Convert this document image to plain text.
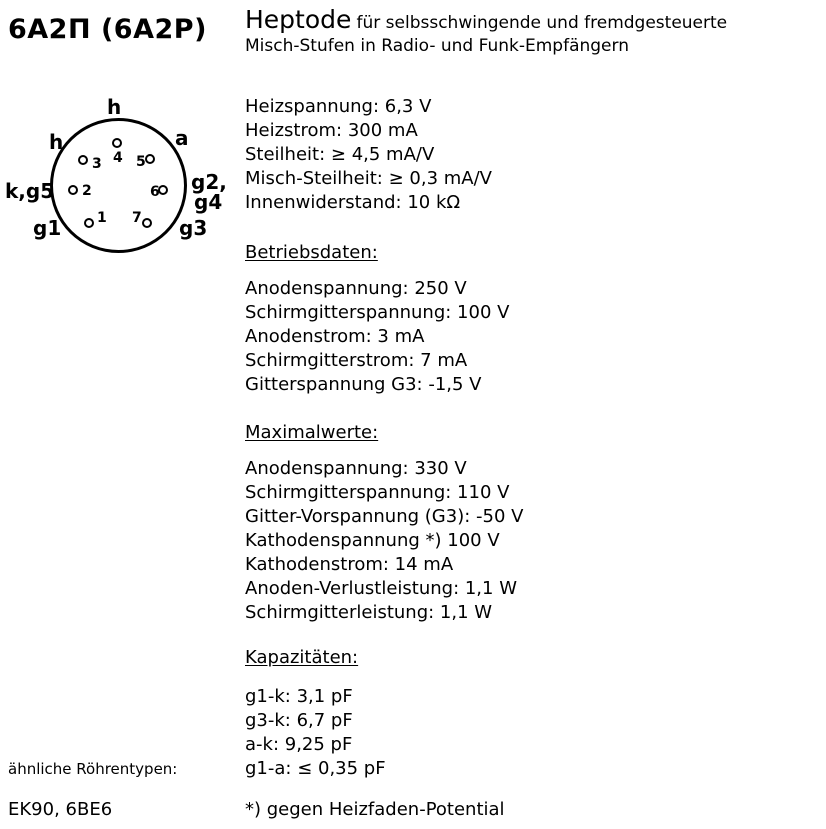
6А2П (6A2P) Heptode für selbsschwingende und fremdgesteuerte
Misch-Stufen in Radio- und Funk-Empfängern
1
2
3 4 5
6
7
h
h	a
k,g5	g2,
g4
g1	g3
Heizspannung: 6,3 V
Heizstrom: 300 mA
Steilheit: ≥ 4,5 mA/V
Misch-Steilheit: ≥ 0,3 mA/V
Innenwiderstand: 10 kΩ
Betriebsdaten:
Anodenspannung: 250 V
Schirmgitterspannung: 100 V
Anodenstrom: 3 mA
Schirmgitterstrom: 7 mA
Gitterspannung G3: -1,5 V
Maximalwerte:
Anodenspannung: 330 V
Schirmgitterspannung: 110 V
Gitter-Vorspannung (G3): -50 V
Kathodenspannung *) 100 V
Kathodenstrom: 14 mA
Anoden-Verlustleistung: 1,1 W
Schirmgitterleistung: 1,1 W
Kapazitäten:
g1-k: 3,1 pF
g3-k: 6,7 pF
a-k: 9,25 pF
g1-a: ≤ 0,35 pF
*) gegen Heizfaden-Potential
ähnliche Röhrentypen:
EK90, 6BE6
